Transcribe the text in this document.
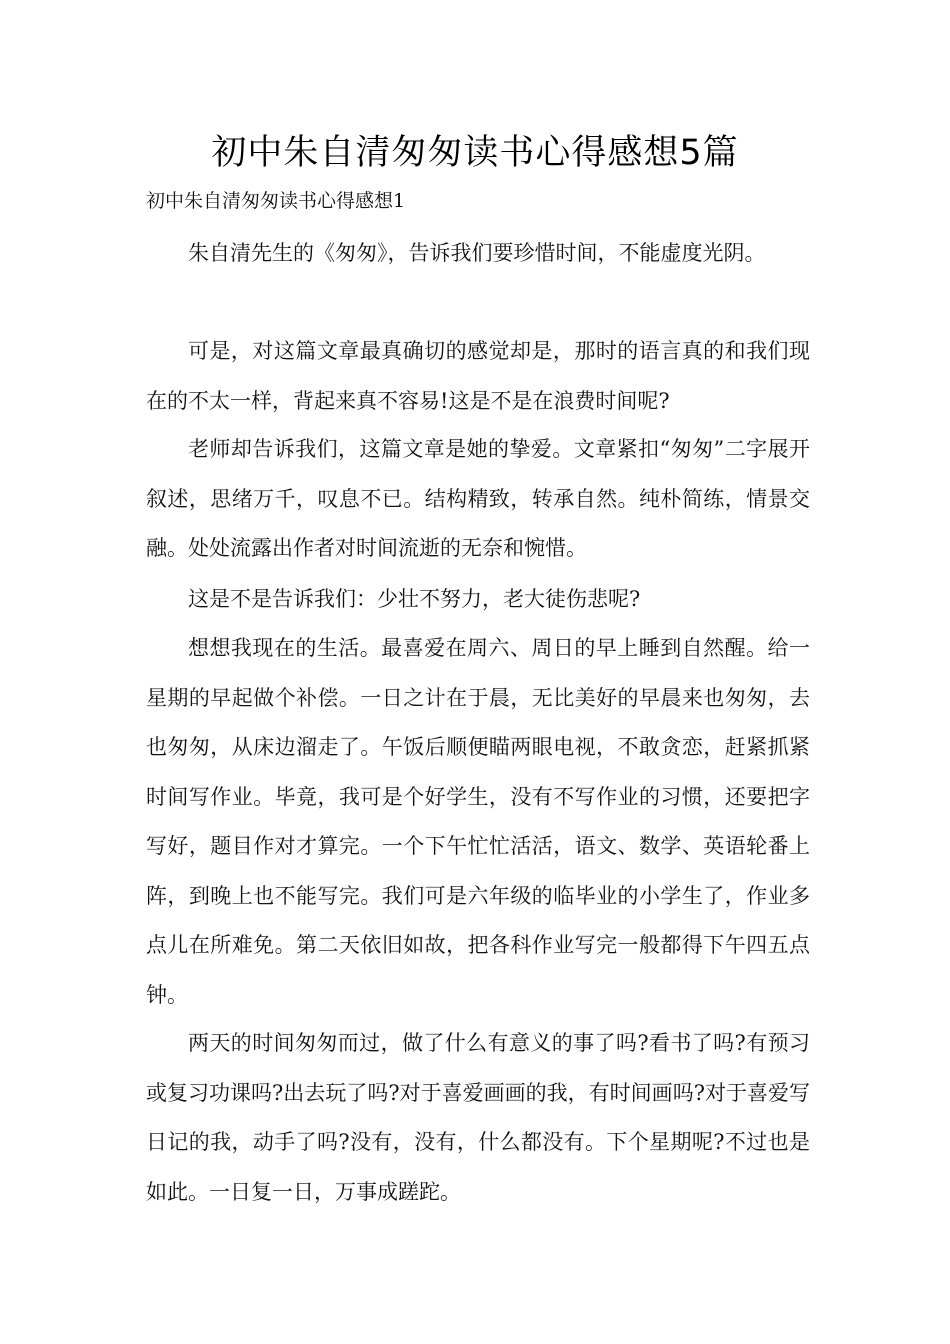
初中朱自清匆匆读书心得感想5篇
初中朱自清匆匆读书心得感想1

朱自清先生的《匆匆》，告诉我们要珍惜时间，不能虚度光阴。

可是，对这篇文章最真确切的感觉却是，那时的语言真的和我们现在的不太一样，背起来真不容易!这是不是在浪费时间呢?

老师却告诉我们，这篇文章是她的挚爱。文章紧扣“匆匆”二字展开叙述，思绪万千，叹息不已。结构精致，转承自然。纯朴简练，情景交融。处处流露出作者对时间流逝的无奈和惋惜。

这是不是告诉我们：少壮不努力，老大徒伤悲呢?

想想我现在的生活。最喜爱在周六、周日的早上睡到自然醒。给一星期的早起做个补偿。一日之计在于晨，无比美好的早晨来也匆匆，去也匆匆，从床边溜走了。午饭后顺便瞄两眼电视，不敢贪恋，赶紧抓紧时间写作业。毕竟，我可是个好学生，没有不写作业的习惯，还要把字写好，题目作对才算完。一个下午忙忙活活，语文、数学、英语轮番上阵，到晚上也不能写完。我们可是六年级的临毕业的小学生了，作业多点儿在所难免。第二天依旧如故，把各科作业写完一般都得下午四五点钟。

两天的时间匆匆而过，做了什么有意义的事了吗?看书了吗?有预习或复习功课吗?出去玩了吗?对于喜爱画画的我，有时间画吗?对于喜爱写日记的我，动手了吗?没有，没有，什么都没有。下个星期呢?不过也是如此。一日复一日，万事成蹉跎。
